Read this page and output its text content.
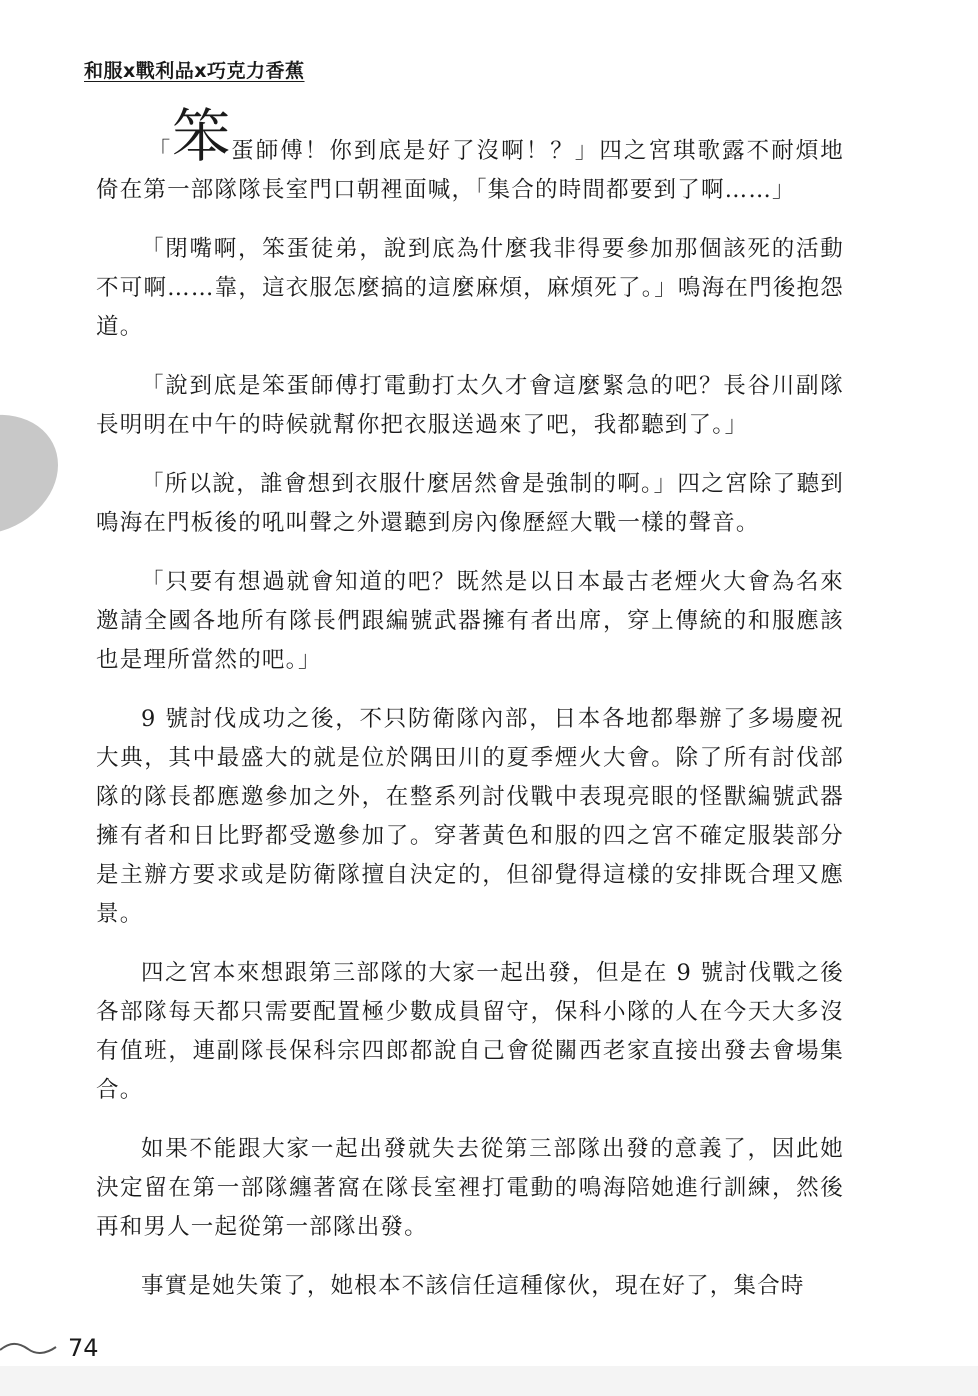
和服x戰利品x巧克力香蕉

「笨蛋師傅！你到底是好了沒啊！？」四之宮琪歌露不耐煩地倚在第一部隊隊長室門口朝裡面喊，「集合的時間都要到了啊……」

「閉嘴啊，笨蛋徒弟，說到底為什麼我非得要參加那個該死的活動不可啊……靠，這衣服怎麼搞的這麼麻煩，麻煩死了。」鳴海在門後抱怨道。

「說到底是笨蛋師傅打電動打太久才會這麼緊急的吧？長谷川副隊長明明在中午的時候就幫你把衣服送過來了吧，我都聽到了。」

「所以說，誰會想到衣服什麼居然會是強制的啊。」四之宮除了聽到鳴海在門板後的吼叫聲之外還聽到房內像歷經大戰一樣的聲音。

「只要有想過就會知道的吧？既然是以日本最古老煙火大會為名來邀請全國各地所有隊長們跟編號武器擁有者出席，穿上傳統的和服應該也是理所當然的吧。」

9 號討伐成功之後，不只防衛隊內部，日本各地都舉辦了多場慶祝大典，其中最盛大的就是位於隅田川的夏季煙火大會。除了所有討伐部隊的隊長都應邀參加之外，在整系列討伐戰中表現亮眼的怪獸編號武器擁有者和日比野都受邀參加了。穿著黃色和服的四之宮不確定服裝部分是主辦方要求或是防衛隊擅自決定的，但卻覺得這樣的安排既合理又應景。

四之宮本來想跟第三部隊的大家一起出發，但是在 9 號討伐戰之後各部隊每天都只需要配置極少數成員留守，保科小隊的人在今天大多沒有值班，連副隊長保科宗四郎都說自己會從關西老家直接出發去會場集合。

如果不能跟大家一起出發就失去從第三部隊出發的意義了，因此她決定留在第一部隊纏著窩在隊長室裡打電動的鳴海陪她進行訓練，然後再和男人一起從第一部隊出發。

事實是她失策了，她根本不該信任這種傢伙，現在好了，集合時

74
